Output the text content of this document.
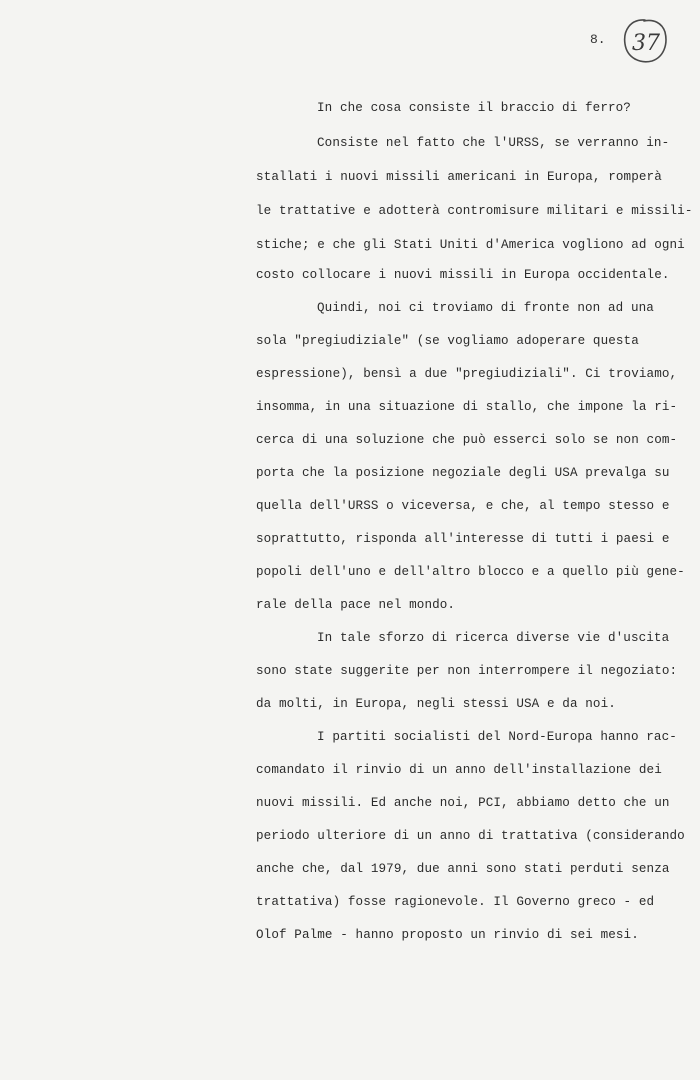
8. 37
In che cosa consiste il braccio di ferro?
Consiste nel fatto che l'URSS, se verranno in-
stallati i nuovi missili americani in Europa, romperà
le trattative e adotterà contromisure militari e missili-
stiche; e che gli Stati Uniti d'America vogliono ad ogni
costo collocare i nuovi missili in Europa occidentale.
Quindi, noi ci troviamo di fronte non ad una
sola "pregiudiziale" (se vogliamo adoperare questa
espressione), bensì a due "pregiudiziali". Ci troviamo,
insomma, in una situazione di stallo, che impone la ri-
cerca di una soluzione che può esserci solo se non com-
porta che la posizione negoziale degli USA prevalga su
quella dell'URSS o viceversa, e che, al tempo stesso e
soprattutto, risponda all'interesse di tutti i paesi e
popoli dell'uno e dell'altro blocco e a quello più gene-
rale della pace nel mondo.
In tale sforzo di ricerca diverse vie d'uscita
sono state suggerite per non interrompere il negoziato:
da molti, in Europa, negli stessi USA e da noi.
I partiti socialisti del Nord-Europa hanno rac-
comandato il rinvio di un anno dell'installazione dei
nuovi missili. Ed anche noi, PCI, abbiamo detto che un
periodo ulteriore di un anno di trattativa (considerando
anche che, dal 1979, due anni sono stati perduti senza
trattativa) fosse ragionevole. Il Governo greco - ed
Olof Palme - hanno proposto un rinvio di sei mesi.
